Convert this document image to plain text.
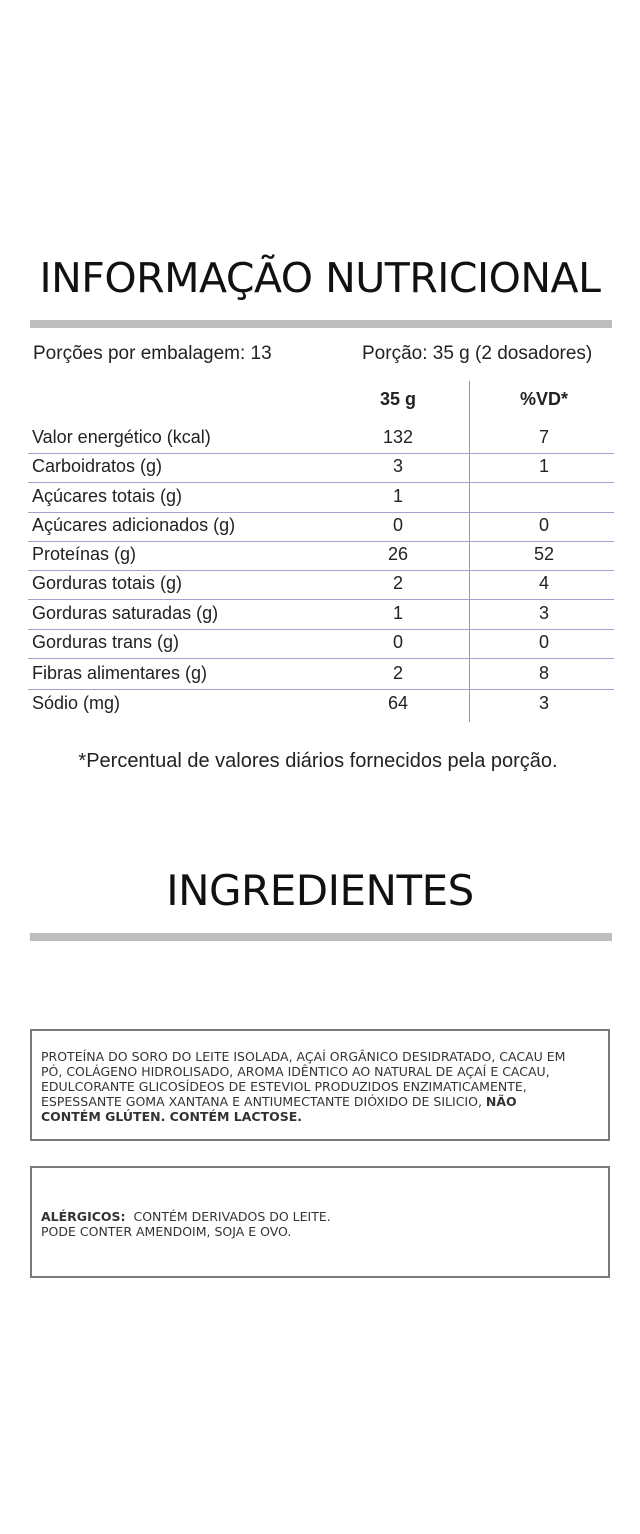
INFORMAÇÃO NUTRICIONAL
Porções por embalagem: 13	Porção: 35 g (2 dosadores)
35 g	%VD*
Valor energético (kcal)	132	7
Carboidratos (g)	3	1
Açúcares totais (g)	1
Açúcares adicionados (g)	0	0
Proteínas (g)	26	52
Gorduras totais (g)	2	4
Gorduras saturadas (g)	1	3
Gorduras trans (g)	0	0
Fibras alimentares (g)	2	8
Sódio (mg)	64	3
*Percentual de valores diários fornecidos pela porção.
INGREDIENTES
PROTEÍNA DO SORO DO LEITE ISOLADA, AÇAÍ ORGÂNICO DESIDRATADO, CACAU EM PÓ, COLÁGENO HIDROLISADO, AROMA IDÊNTICO AO NATURAL DE AÇAÍ E CACAU, EDULCORANTE GLICOSÍDEOS DE ESTEVIOL PRODUZIDOS ENZIMATICAMENTE, ESPESSANTE GOMA XANTANA E ANTIUMECTANTE DIÓXIDO DE SILICIO, NÃO CONTÉM GLÚTEN. CONTÉM LACTOSE.
ALÉRGICOS: CONTÉM DERIVADOS DO LEITE.
PODE CONTER AMENDOIM, SOJA E OVO.
